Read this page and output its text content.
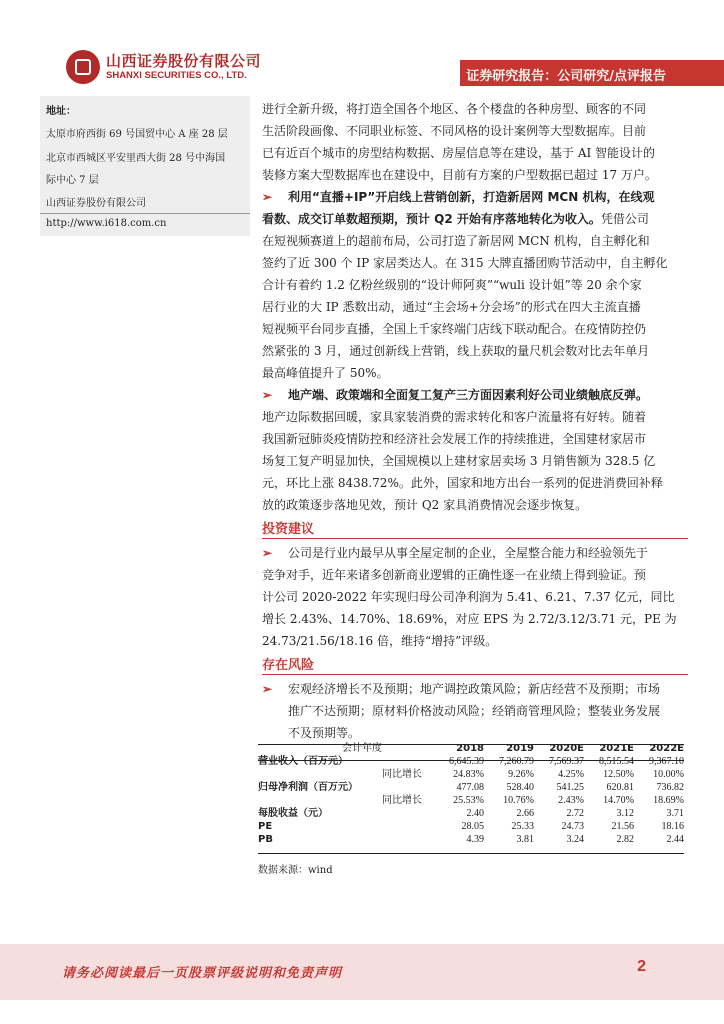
山西证券股份有限公司
SHANXI SECURITIES CO., LTD.	证券研究报告：公司研究/点评报告
地址：
太原市府西街 69 号国贸中心 A 座 28 层
北京市西城区平安里西大街 28 号中海国
际中心 7 层
山西证券股份有限公司
http://www.i618.com.cn
进行全新升级，将打造全国各个地区、各个楼盘的各种房型、顾客的不同
生活阶段画像、不同职业标签、不同风格的设计案例等大型数据库。目前
已有近百个城市的房型结构数据、房屋信息等在建设，基于 AI 智能设计的
装修方案大型数据库也在建设中，目前有方案的户型数据已超过 17 万户。
➢ 利用“直播+IP”开启线上营销创新，打造新居网 MCN 机构，在线观
看数、成交订单数超预期，预计 Q2 开始有序落地转化为收入。凭借公司
在短视频赛道上的超前布局，公司打造了新居网 MCN 机构，自主孵化和
签约了近 300 个 IP 家居类达人。在 315 大牌直播团购节活动中，自主孵化
合计有着约 1.2 亿粉丝级别的“设计师阿爽”“wuli 设计姐”等 20 余个家
居行业的大 IP 悉数出动，通过“主会场+分会场”的形式在四大主流直播
短视频平台同步直播，全国上千家终端门店线下联动配合。在疫情防控仍
然紧张的 3 月，通过创新线上营销，线上获取的量尺机会数对比去年单月
最高峰值提升了 50%。
➢ 地产端、政策端和全面复工复产三方面因素利好公司业绩触底反弹。
地产边际数据回暖，家具家装消费的需求转化和客户流量将有好转。随着
我国新冠肺炎疫情防控和经济社会发展工作的持续推进，全国建材家居市
场复工复产明显加快，全国规模以上建材家居卖场 3 月销售额为 328.5 亿
元，环比上涨 8438.72%。此外，国家和地方出台一系列的促进消费回补释
放的政策逐步落地见效，预计 Q2 家具消费情况会逐步恢复。
投资建议
➢ 公司是行业内最早从事全屋定制的企业，全屋整合能力和经验领先于
竞争对手，近年来诸多创新商业逻辑的正确性逐一在业绩上得到验证。预
计公司 2020-2022 年实现归母公司净利润为 5.41、6.21、7.37 亿元，同比
增长 2.43%、14.70%、18.69%，对应 EPS 为 2.72/3.12/3.71 元，PE 为
24.73/21.56/18.16 倍，维持“增持”评级。
存在风险
➢ 宏观经济增长不及预期；地产调控政策风险；新店经营不及预期；市场
推广不达预期；原材料价格波动风险；经销商管理风险；整装业务发展
不及预期等。
会计年度	2018	2019	2020E	2021E	2022E
营业收入（百万元）	6,645.39	7,260.79	7,569.37	8,515.54	9,367.10
同比增长	24.83%	9.26%	4.25%	12.50%	10.00%
归母净利润（百万元）	477.08	528.40	541.25	620.81	736.82
同比增长	25.53%	10.76%	2.43%	14.70%	18.69%
每股收益（元）	2.40	2.66	2.72	3.12	3.71
PE	28.05	25.33	24.73	21.56	18.16
PB	4.39	3.81	3.24	2.82	2.44
数据来源：wind
请务必阅读最后一页股票评级说明和免责声明	2
